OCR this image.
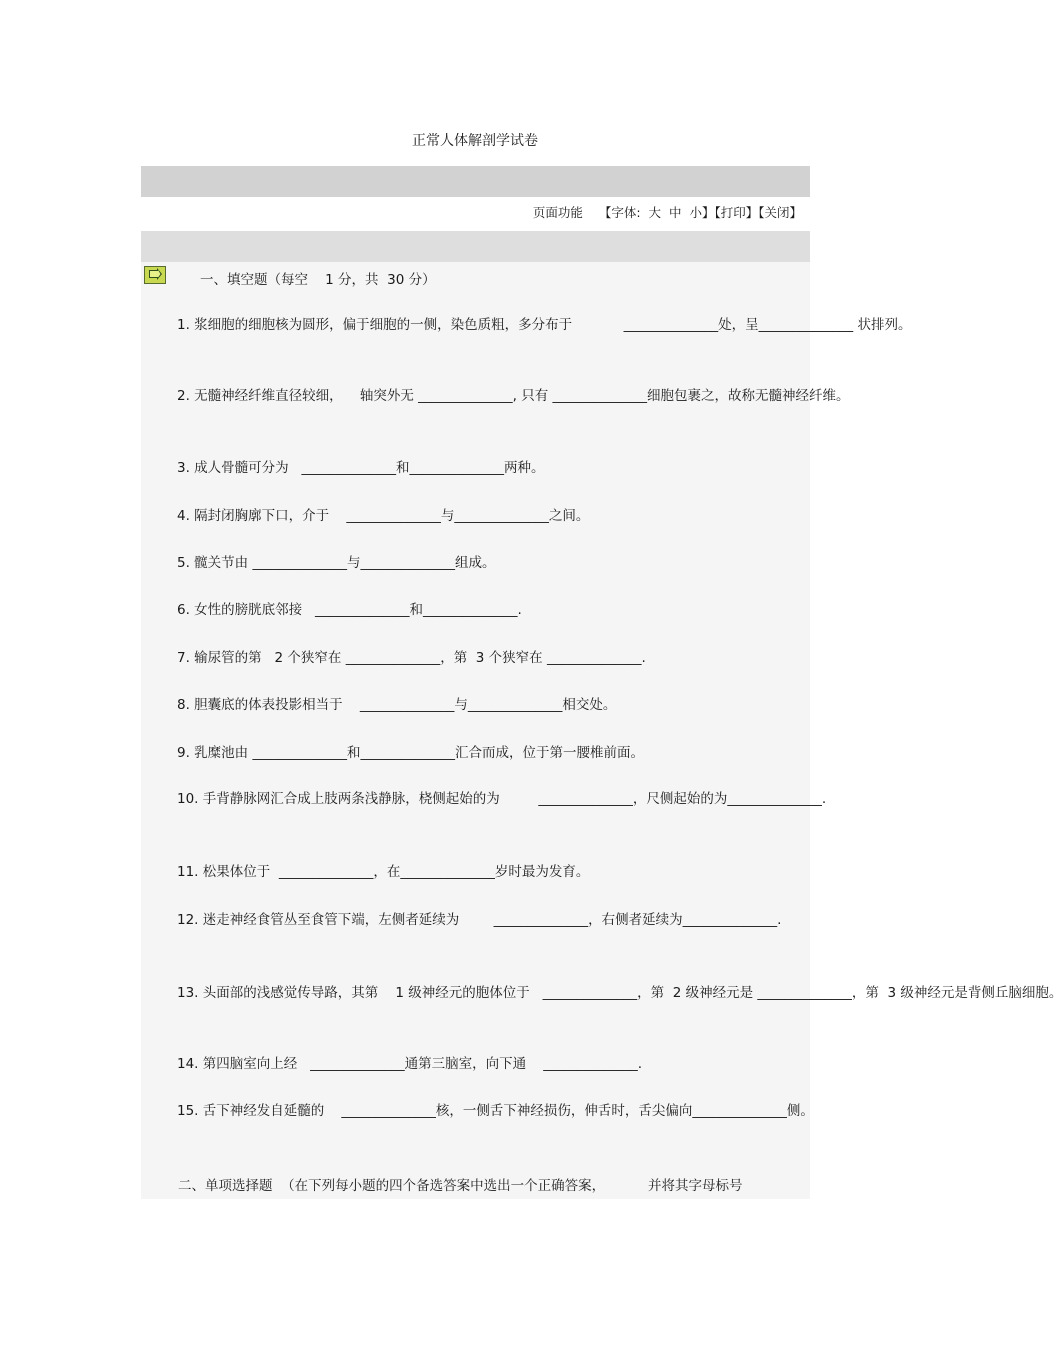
正常人体解剖学试卷
页面功能 【字体: 大 中 小】【打印】【关闭】
一、填空题（每空    1 分，共  30 分）
1. 浆细胞的细胞核为圆形，偏于细胞的一侧，染色质粗，多分布于            ______________处，呈______________ 状排列。
2. 无髓神经纤维直径较细，    轴突外无 ______________, 只有 ______________细胞包裹之，故称无髓神经纤维。
3. 成人骨髓可分为   ______________和______________两种。
4. 隔封闭胸廓下口，介于    ______________与______________之间。
5. 髋关节由 ______________与______________组成。
6. 女性的膀胱底邻接   ______________和______________.
7. 输尿管的第   2 个狭窄在 ______________，第  3 个狭窄在 ______________.
8. 胆囊底的体表投影相当于    ______________与______________相交处。
9. 乳糜池由 ______________和______________汇合而成，位于第一腰椎前面。
10. 手背静脉网汇合成上肢两条浅静脉，桡侧起始的为         ______________，尺侧起始的为______________.
11. 松果体位于  ______________，在______________岁时最为发育。
12. 迷走神经食管丛至食管下端，左侧者延续为        ______________，右侧者延续为______________.
13. 头面部的浅感觉传导路，其第    1 级神经元的胞体位于   ______________，第  2 级神经元是 ______________，第  3 级神经元是背侧丘脑细胞。
14. 第四脑室向上经   ______________通第三脑室，向下通    ______________.
15. 舌下神经发自延髓的    ______________核，一侧舌下神经损伤，伸舌时，舌尖偏向______________侧。
二、单项选择题  （在下列每小题的四个备选答案中选出一个正确答案，          并将其字母标号
